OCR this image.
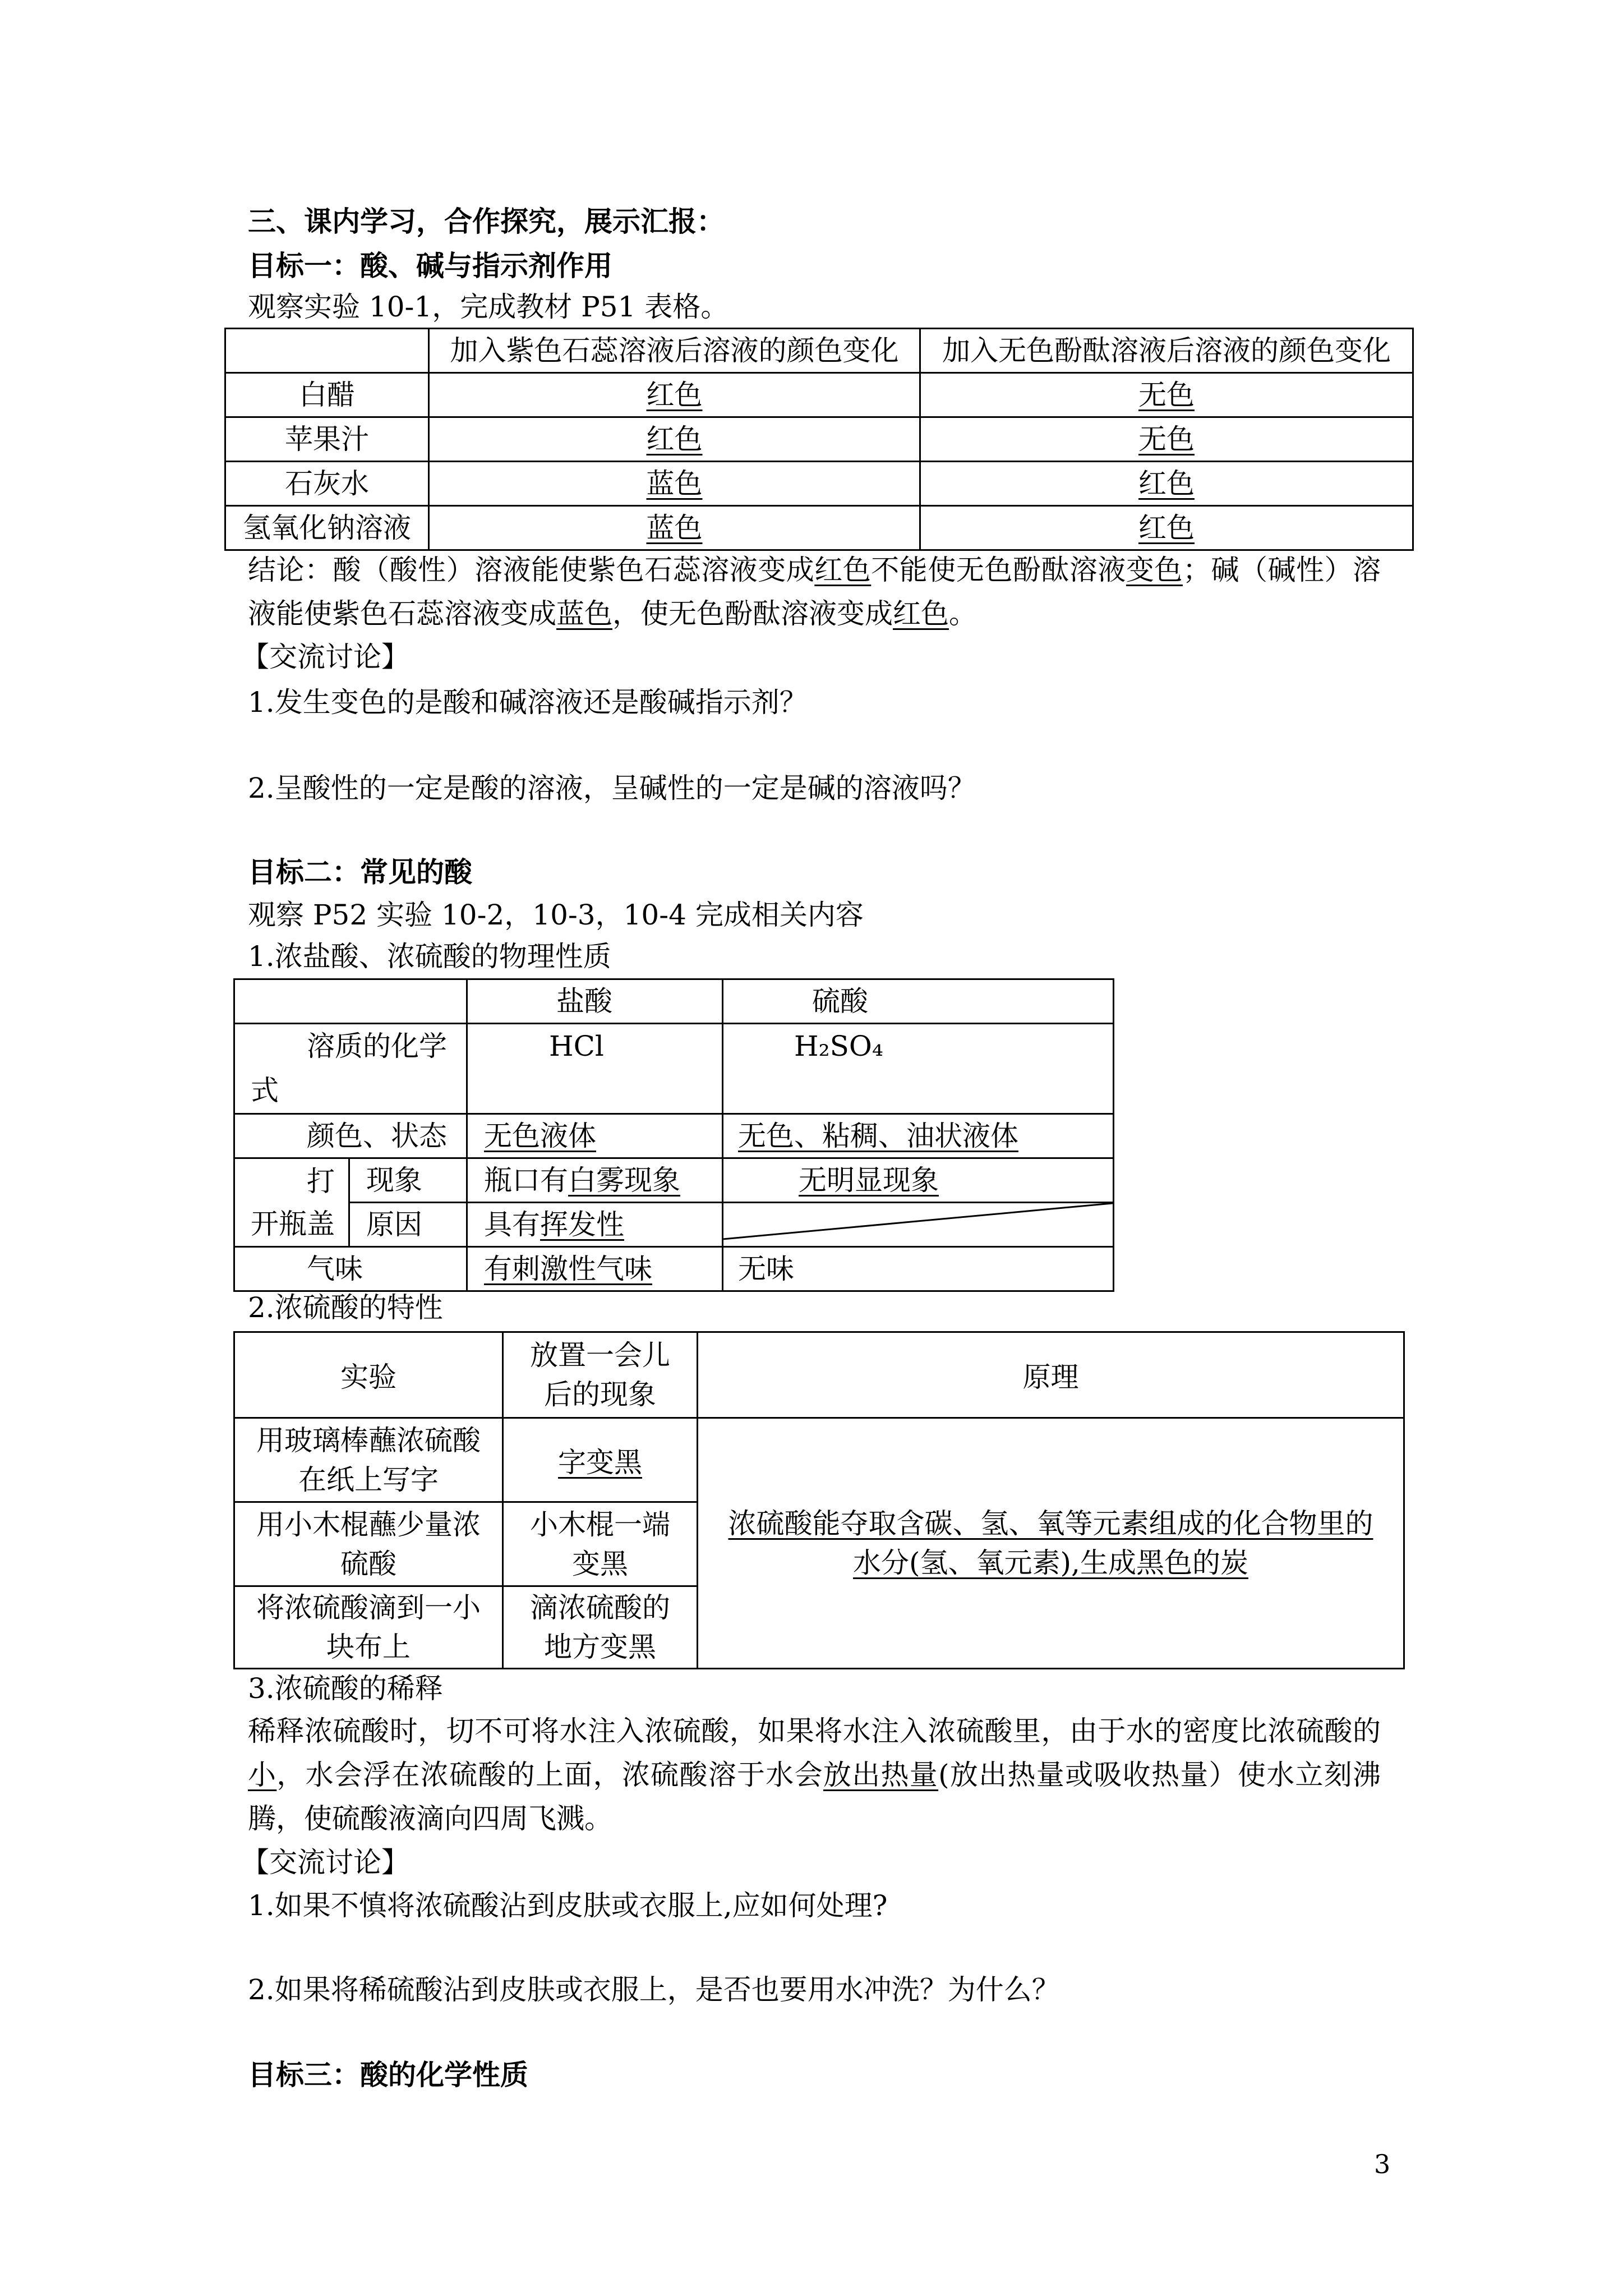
三、课内学习，合作探究，展示汇报：
目标一：酸、碱与指示剂作用
观察实验 10-1，完成教材 P51 表格。
	加入紫色石蕊溶液后溶液的颜色变化	加入无色酚酞溶液后溶液的颜色变化
白醋	红色	无色
苹果汁	红色	无色
石灰水	蓝色	红色
氢氧化钠溶液	蓝色	红色

结论：酸（酸性）溶液能使紫色石蕊溶液变成红色不能使无色酚酞溶液变色；碱（碱性）溶液能使紫色石蕊溶液变成蓝色，使无色酚酞溶液变成红色。

【交流讨论】
1.发生变色的是酸和碱溶液还是酸碱指示剂？
2.呈酸性的一定是酸的溶液，呈碱性的一定是碱的溶液吗？
目标二：常见的酸
观察 P52 实验 10-2，10-3，10-4 完成相关内容
1.浓盐酸、浓硫酸的物理性质
		盐酸	硫酸

溶质的化学式		HCl	H₂SO₄

颜色、状态		无色液体	无色、粘稠、油状液体

打开瓶盖	现象	瓶口有白雾现象	无明显现象
	原因	具有挥发性	

气味		有刺激性气味	无味
2.浓硫酸的特性
实验	放置一会儿后的现象	原理
用玻璃棒蘸浓硫酸在纸上写字	字变黑	浓硫酸能夺取含碳、氢、氧等元素组成的化合物里的水分(氢、氧元素),生成黑色的炭
用小木棍蘸少量浓硫酸	小木棍一端变黑	
将浓硫酸滴到一小块布上	滴浓硫酸的地方变黑	
3.浓硫酸的稀释

稀释浓硫酸时，切不可将水注入浓硫酸，如果将水注入浓硫酸里，由于水的密度比浓硫酸的小，水会浮在浓硫酸的上面，浓硫酸溶于水会放出热量(放出热量或吸收热量）使水立刻沸腾，使硫酸液滴向四周飞溅。

【交流讨论】
1.如果不慎将浓硫酸沾到皮肤或衣服上,应如何处理?
2.如果将稀硫酸沾到皮肤或衣服上，是否也要用水冲洗？为什么？
目标三：酸的化学性质
3
